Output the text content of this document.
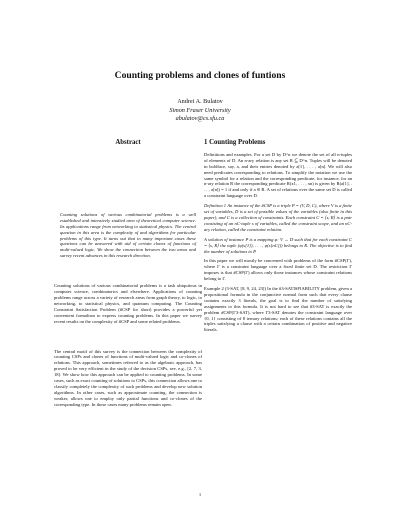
Counting problems and clones of funtions
Andrei A. Bulatov
Simon Fraser University
abulatov@cs.sfu.ca
Abstract

Counting solutions of various combinatorial problems is a well established and intensively studied area of theoretical computer science. Its applications range from networking to statistical physics. The central question in this area is the complexity of and algorithms for particular problems of this type. It turns out that in many important cases these questions can be answered with aid of certain clones of functions of multi-valued logic. We show the connection between the two areas and survey recent advances in this research direction.

Counting solutions of various combinatorial problems is a task ubiquitous in computer science, combinatorics and elsewhere. Applications of counting problems range across a variety of research areas from graph theory, to logic, to networking, to statistical physics, and quantum computing. The Counting Constraint Satisfaction Problem (#CSP for short) provides a powerful yet convenient formalism to express counting problems. In this paper we survey recent results on the complexity of #CSP and some related problems.

The central motif of this survey is the connection between the complexity of counting CSPs and clones of functions of multi-valued logic and co-clones of relations. This approach, sometimes referred to as the algebraic approach, has proved to be very efficient in the study of the decision CSPs, see, e.g., [2, 7, 3, 18]. We show how this approach can be applied to counting problems. In some cases, such as exact counting of solutions to CSPs, this connection allows one to classify completely the complexity of such problems and develop new solution algorithms. In other cases, such as approximate counting, the connection is weaker, allows one to employ only partial functions and co-clones of the corresponding type. In those cases many problems remain open.

1 Counting Problems

Definitions and examples. For a set D by D^n we denote the set of all n-tuples of elements of D. An n-ary relation is any set R ⊆ D^n. Tuples will be denoted in boldface, say, a, and their entries denoted by a[1], . . . , a[n]. We will also need predicates corresponding to relations. To simplify the notation we use the same symbol for a relation and the corresponding predicate, for instance, for an n-ary relation R the corresponding predicate R(x1, . . . , xn) is given by R(a[1], . . . , a[n]) = 1 if and only if a ∈ R. A set of relations over the same set D is called a constraint language over D.

Definition 1 An instance of the #CSP is a triple P = (V, D, C), where V is a finite set of variables, D is a set of possible values of the variables (also finite in this paper), and C is a collection of constraints. Each constraint C = ⟨s, R⟩ is a pair consisting of an nC-tuple s of variables, called the constraint scope, and an nC-ary relation, called the constraint relation.

A solution of instance P is a mapping φ: V → D such that for each constraint C = ⟨s, R⟩ the tuple (φ(s[1]), . . . , φ(s[nC])) belongs to R. The objective is to find the number of solutions to P.

In this paper we will mostly be concerned with problems of the form #CSP(Γ), where Γ is a constraint language over a fixed finite set D. The restriction Γ imposes is that #CSP(Γ) allows only those instances whose constraint relations belong to Γ.

Example 2 (3-SAT, [8, 9, 24, 23]) In the #3-SATISFIABILITY problem, given a propositional formula in the conjunctive normal form such that every clause contains exactly 3 literals, the goal is to find the number of satisfying assignments to this formula. It is not hard to see that #3-SAT is exactly the problem #CSP(Γ3-SAT), where Γ3-SAT denotes the constraint language over {0, 1} consisting of 8 ternary relations; each of these relations contains all the triples satisfying a clause with a certain combination of positive and negative literals.

1
